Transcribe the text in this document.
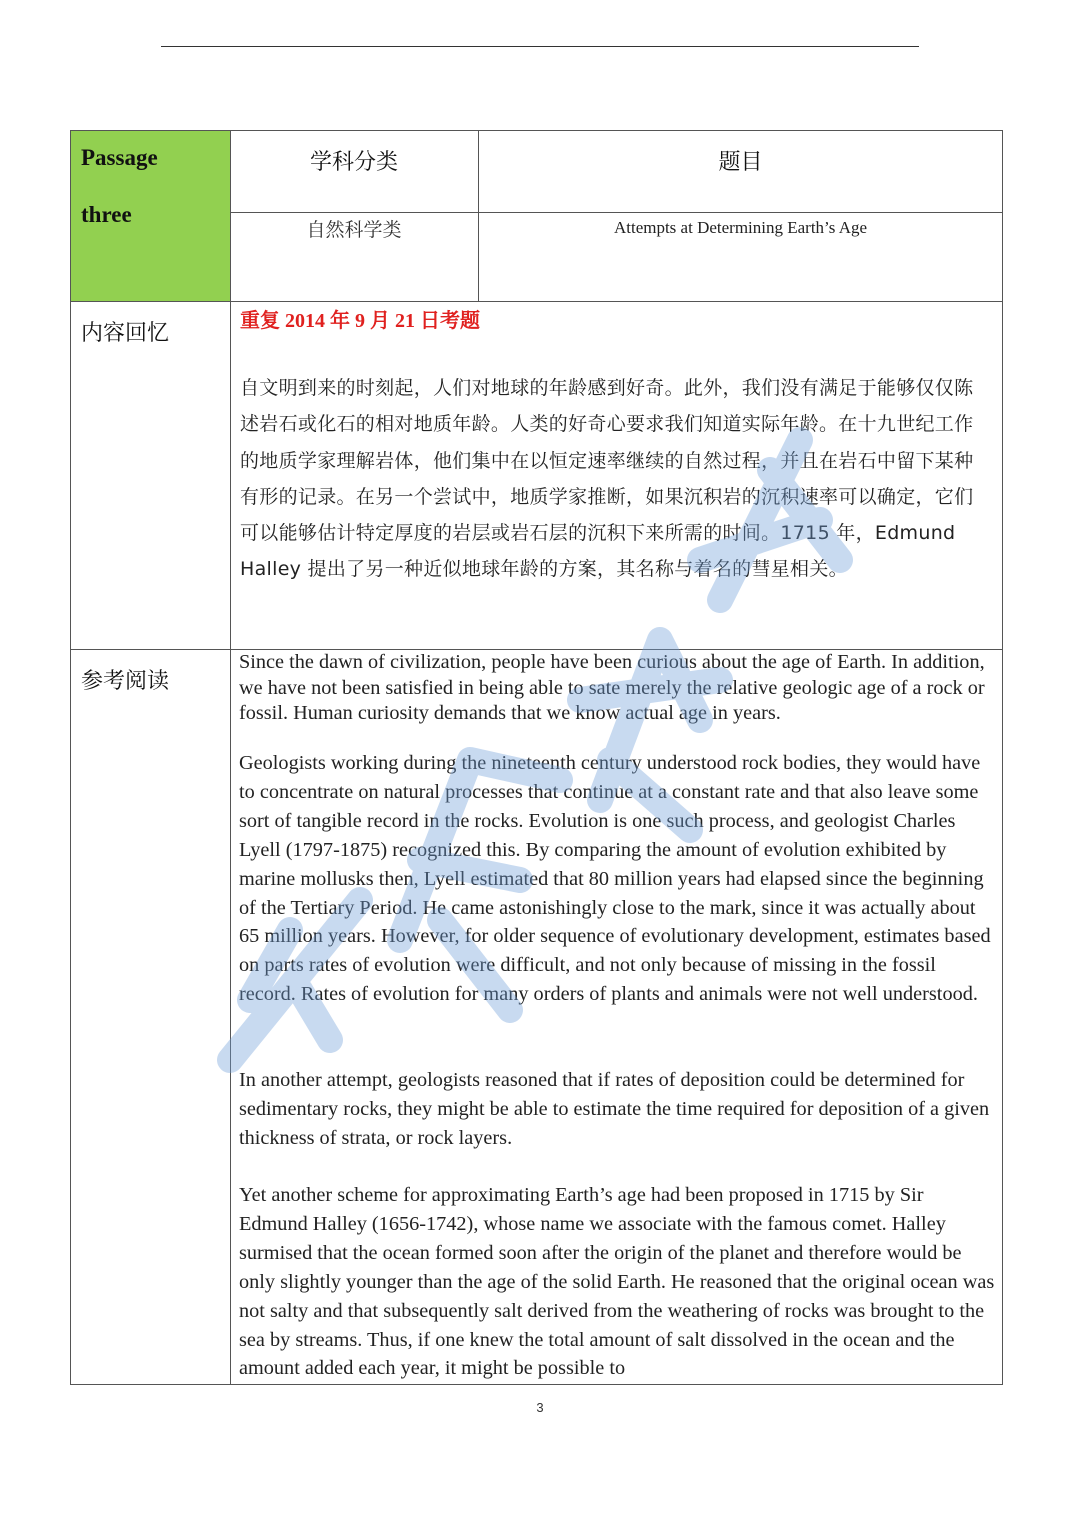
Passage
three
学科分类	题目
自然科学类	Attempts at Determining Earth’s Age
内容回忆
参考阅读
重复 2014 年 9 月 21 日考题
自文明到来的时刻起，人们对地球的年龄感到好奇。此外，我们没有满足于能够仅仅陈述岩石或化石的相对地质年龄。人类的好奇心要求我们知道实际年龄。在十九世纪工作的地质学家理解岩体，他们集中在以恒定速率继续的自然过程，并且在岩石中留下某种有形的记录。在另一个尝试中，地质学家推断，如果沉积岩的沉积速率可以确定，它们可以能够估计特定厚度的岩层或岩石层的沉积下来所需的时间。1715 年，Edmund Halley 提出了另一种近似地球年龄的方案，其名称与着名的彗星相关。

Since the dawn of civilization, people have been curious about the age of Earth. In addition, we have not been satisfied in being able to sate merely the relative geologic age of a rock or fossil. Human curiosity demands that we know actual age in years.

Geologists working during the nineteenth century understood rock bodies, they would have to concentrate on natural processes that continue at a constant rate and that also leave some sort of tangible record in the rocks. Evolution is one such process, and geologist Charles Lyell (1797-1875) recognized this. By comparing the amount of evolution exhibited by marine mollusks then, Lyell estimated that 80 million years had elapsed since the beginning of the Tertiary Period. He came astonishingly close to the mark, since it was actually about 65 million years. However, for older sequence of evolutionary development, estimates based on parts rates of evolution were difficult, and not only because of missing in the fossil record. Rates of evolution for many orders of plants and animals were not well understood.

In another attempt, geologists reasoned that if rates of deposition could be determined for sedimentary rocks, they might be able to estimate the time required for deposition of a given thickness of strata, or rock layers.

Yet another scheme for approximating Earth’s age had been proposed in 1715 by Sir Edmund Halley (1656-1742), whose name we associate with the famous comet. Halley surmised that the ocean formed soon after the origin of the planet and therefore would be only slightly younger than the age of the solid Earth. He reasoned that the original ocean was not salty and that subsequently salt derived from the weathering of rocks was brought to the sea by streams. Thus, if one knew the total amount of salt dissolved in the ocean and the amount added each year, it might be possible to

3
